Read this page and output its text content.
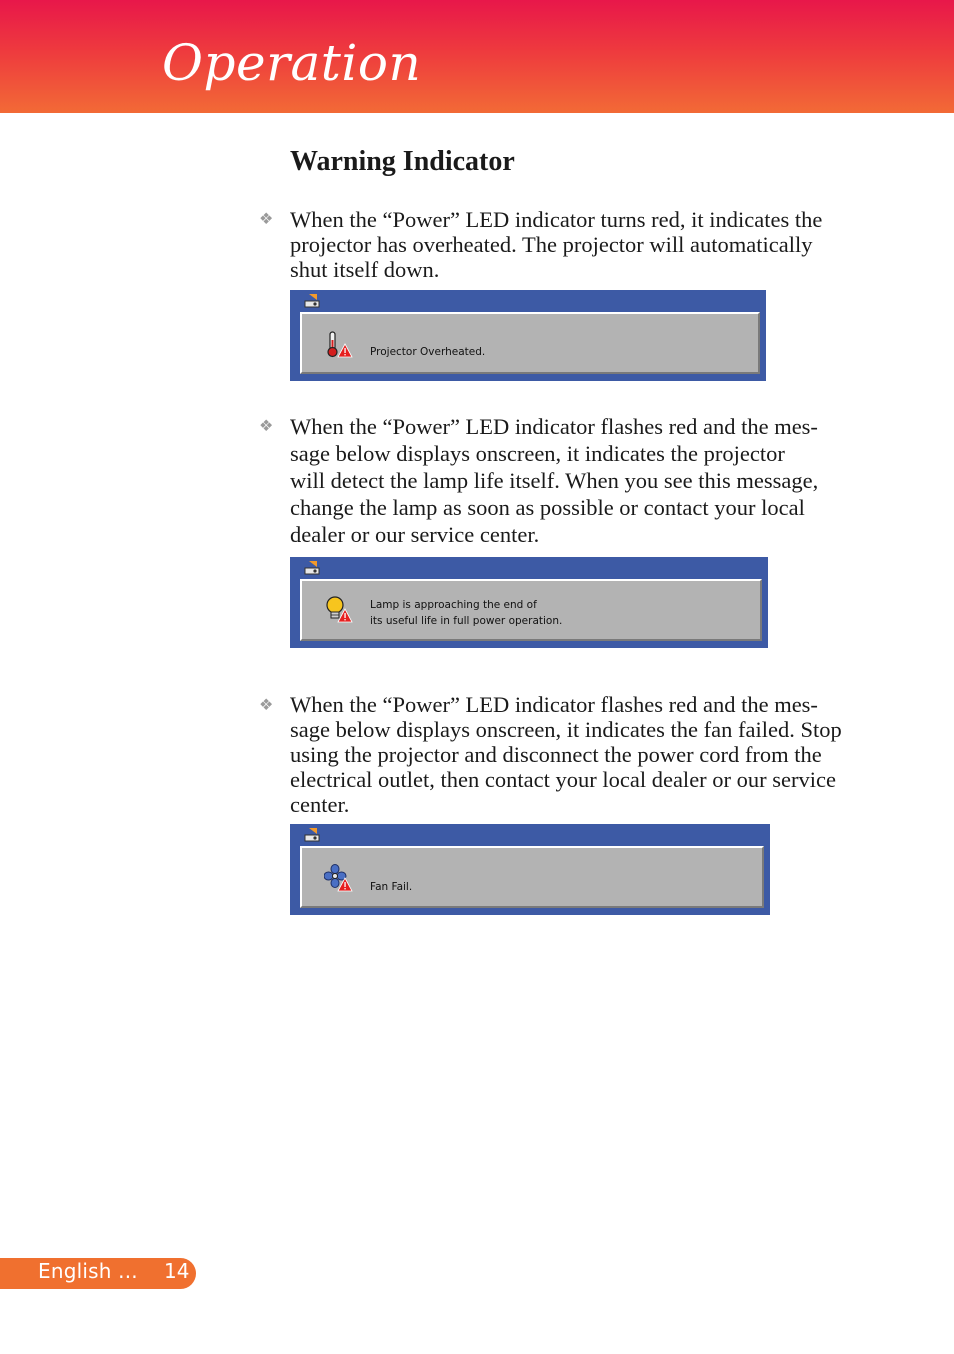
Operation
Warning Indicator
❖ When the “Power” LED indicator turns red, it indicates the
projector has overheated. The projector will automatically
shut itself down.
Projector Overheated.
❖ When the “Power” LED indicator flashes red and the mes-
sage below displays onscreen, it indicates the projector
will detect the lamp life itself. When you see this message,
change the lamp as soon as possible or contact your local
dealer or our service center.
Lamp is approaching the end of
its useful life in full power operation.
❖ When the “Power” LED indicator flashes red and the mes-
sage below displays onscreen, it indicates the fan failed. Stop
using the projector and disconnect the power cord from the
electrical outlet, then contact your local dealer or our service
center.
Fan Fail.
English ... 14
